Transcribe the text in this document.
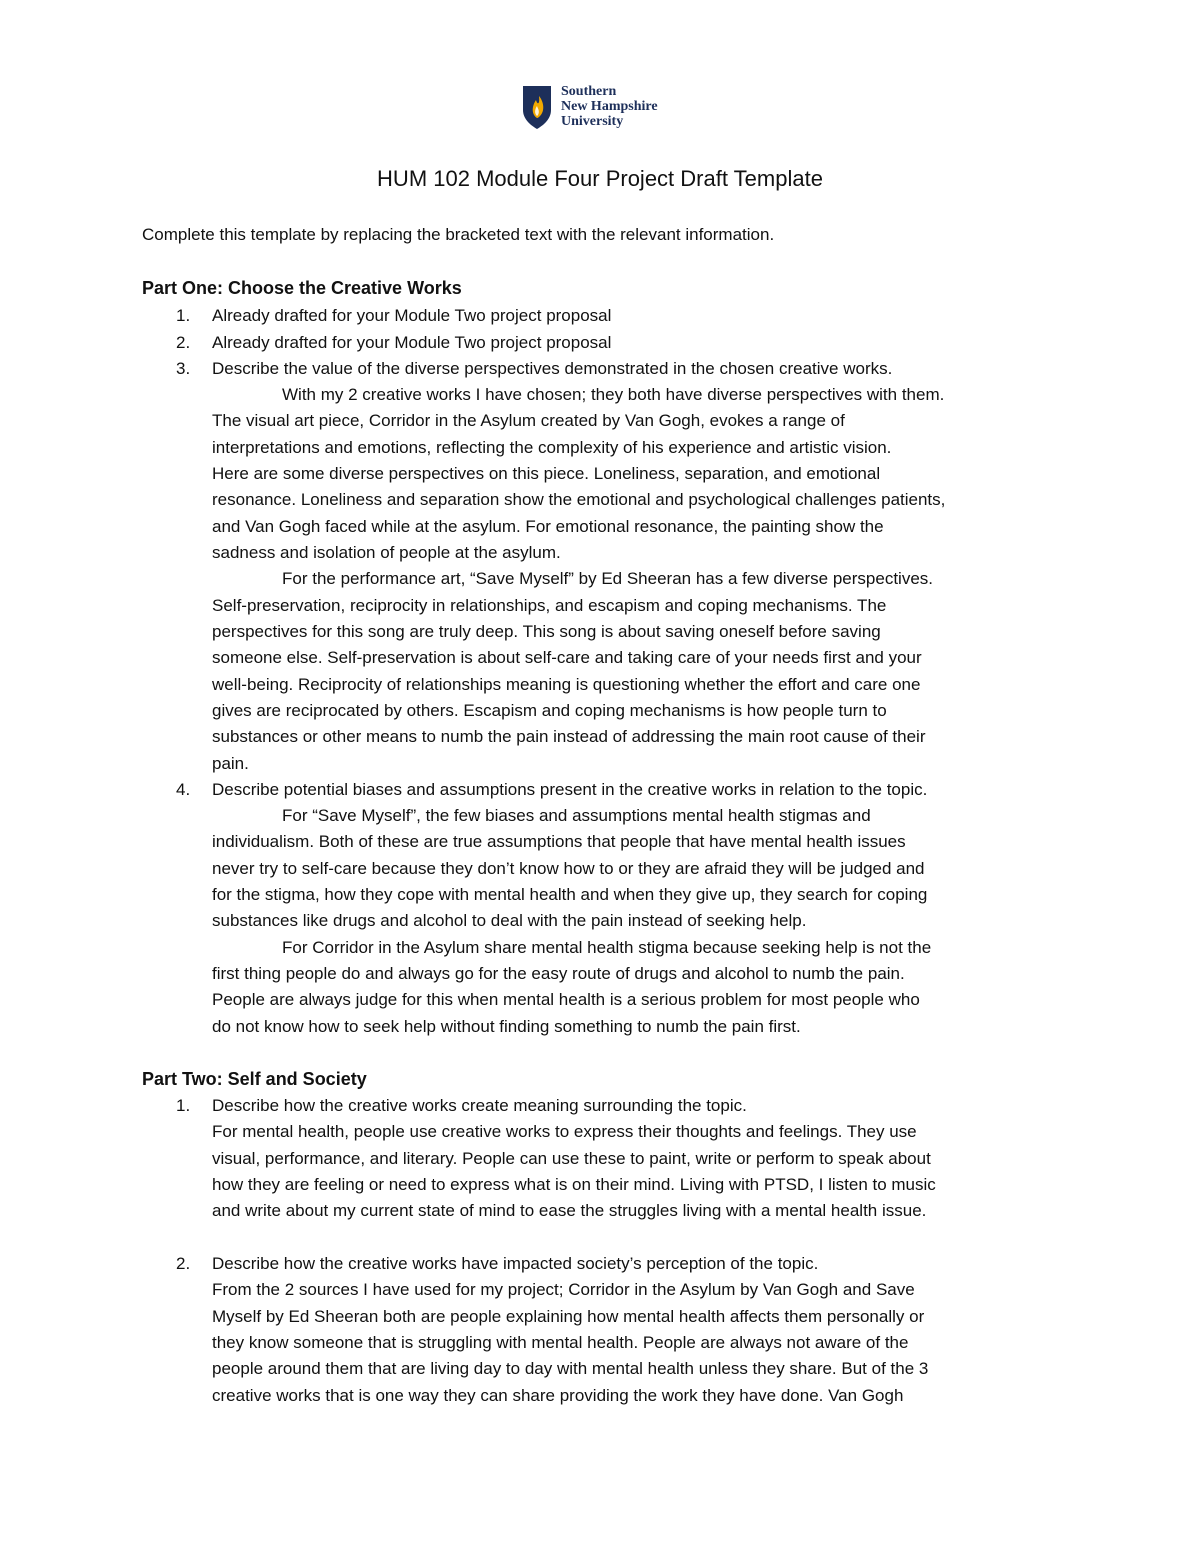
Southern
New Hampshire
University
HUM 102 Module Four Project Draft Template
Complete this template by replacing the bracketed text with the relevant information.
Part One: Choose the Creative Works
Part Two: Self and Society
1. Already drafted for your Module Two project proposal
2. Already drafted for your Module Two project proposal
3. Describe the value of the diverse perspectives demonstrated in the chosen creative works.
With my 2 creative works I have chosen; they both have diverse perspectives with them.
The visual art piece, Corridor in the Asylum created by Van Gogh, evokes a range of
interpretations and emotions, reflecting the complexity of his experience and artistic vision.
Here are some diverse perspectives on this piece. Loneliness, separation, and emotional
resonance. Loneliness and separation show the emotional and psychological challenges patients,
and Van Gogh faced while at the asylum. For emotional resonance, the painting show the
sadness and isolation of people at the asylum.
For the performance art, “Save Myself” by Ed Sheeran has a few diverse perspectives.
Self-preservation, reciprocity in relationships, and escapism and coping mechanisms. The
perspectives for this song are truly deep. This song is about saving oneself before saving
someone else. Self-preservation is about self-care and taking care of your needs first and your
well-being. Reciprocity of relationships meaning is questioning whether the effort and care one
gives are reciprocated by others. Escapism and coping mechanisms is how people turn to
substances or other means to numb the pain instead of addressing the main root cause of their
pain.
4. Describe potential biases and assumptions present in the creative works in relation to the topic.
For “Save Myself”, the few biases and assumptions mental health stigmas and
individualism. Both of these are true assumptions that people that have mental health issues
never try to self-care because they don’t know how to or they are afraid they will be judged and
for the stigma, how they cope with mental health and when they give up, they search for coping
substances like drugs and alcohol to deal with the pain instead of seeking help.
For Corridor in the Asylum share mental health stigma because seeking help is not the
first thing people do and always go for the easy route of drugs and alcohol to numb the pain.
People are always judge for this when mental health is a serious problem for most people who
do not know how to seek help without finding something to numb the pain first.
1. Describe how the creative works create meaning surrounding the topic.
For mental health, people use creative works to express their thoughts and feelings. They use
visual, performance, and literary. People can use these to paint, write or perform to speak about
how they are feeling or need to express what is on their mind. Living with PTSD, I listen to music
and write about my current state of mind to ease the struggles living with a mental health issue.
2. Describe how the creative works have impacted society’s perception of the topic.
From the 2 sources I have used for my project; Corridor in the Asylum by Van Gogh and Save
Myself by Ed Sheeran both are people explaining how mental health affects them personally or
they know someone that is struggling with mental health. People are always not aware of the
people around them that are living day to day with mental health unless they share. But of the 3
creative works that is one way they can share providing the work they have done. Van Gogh
